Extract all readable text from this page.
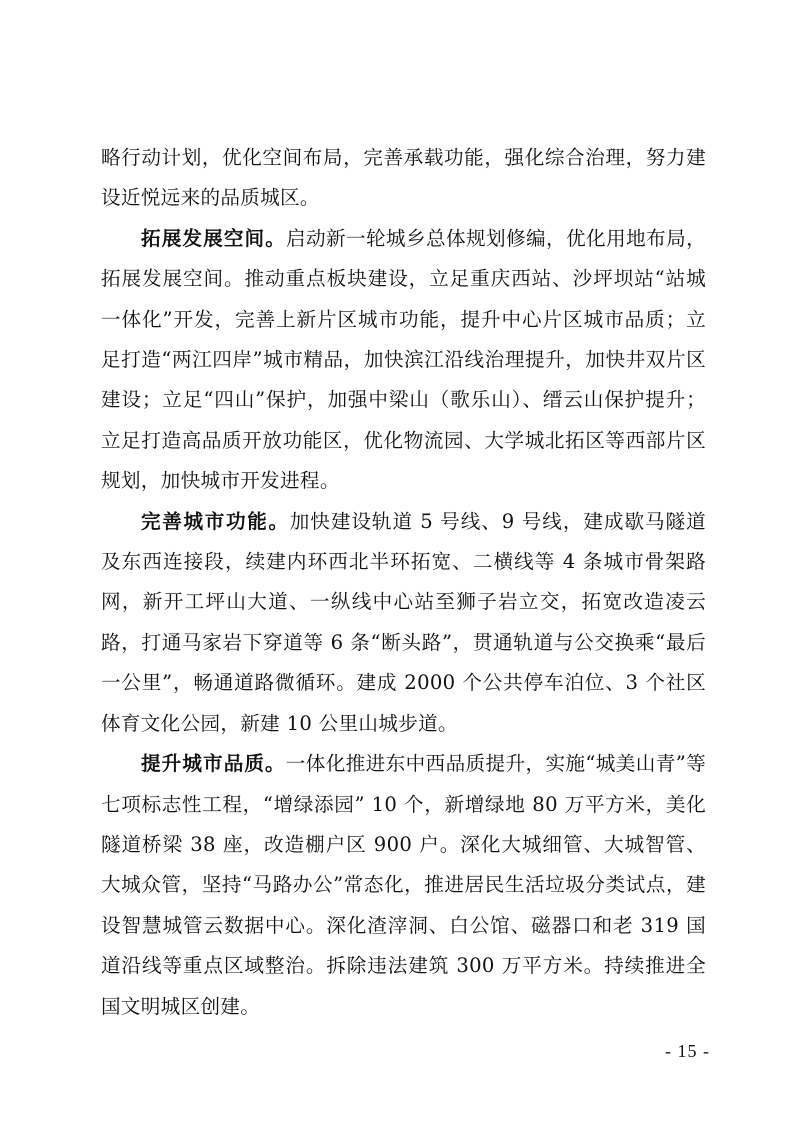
略行动计划，优化空间布局，完善承载功能，强化综合治理，努力建设近悦远来的品质城区。

拓展发展空间。启动新一轮城乡总体规划修编，优化用地布局，拓展发展空间。推动重点板块建设，立足重庆西站、沙坪坝站“站城一体化”开发，完善上新片区城市功能，提升中心片区城市品质；立足打造“两江四岸”城市精品，加快滨江沿线治理提升，加快井双片区建设；立足“四山”保护，加强中梁山（歌乐山）、缙云山保护提升；立足打造高品质开放功能区，优化物流园、大学城北拓区等西部片区规划，加快城市开发进程。

完善城市功能。加快建设轨道 5 号线、9 号线，建成歇马隧道及东西连接段，续建内环西北半环拓宽、二横线等 4 条城市骨架路网，新开工坪山大道、一纵线中心站至狮子岩立交，拓宽改造凌云路，打通马家岩下穿道等 6 条“断头路”，贯通轨道与公交换乘“最后一公里”，畅通道路微循环。建成 2000 个公共停车泊位、3 个社区体育文化公园，新建 10 公里山城步道。

提升城市品质。一体化推进东中西品质提升，实施“城美山青”等七项标志性工程，“增绿添园” 10 个，新增绿地 80 万平方米，美化隧道桥梁 38 座，改造棚户区 900 户。深化大城细管、大城智管、大城众管，坚持“马路办公”常态化，推进居民生活垃圾分类试点，建设智慧城管云数据中心。深化渣滓洞、白公馆、磁器口和老 319 国道沿线等重点区域整治。拆除违法建筑 300 万平方米。持续推进全国文明城区创建。

- 15 -
